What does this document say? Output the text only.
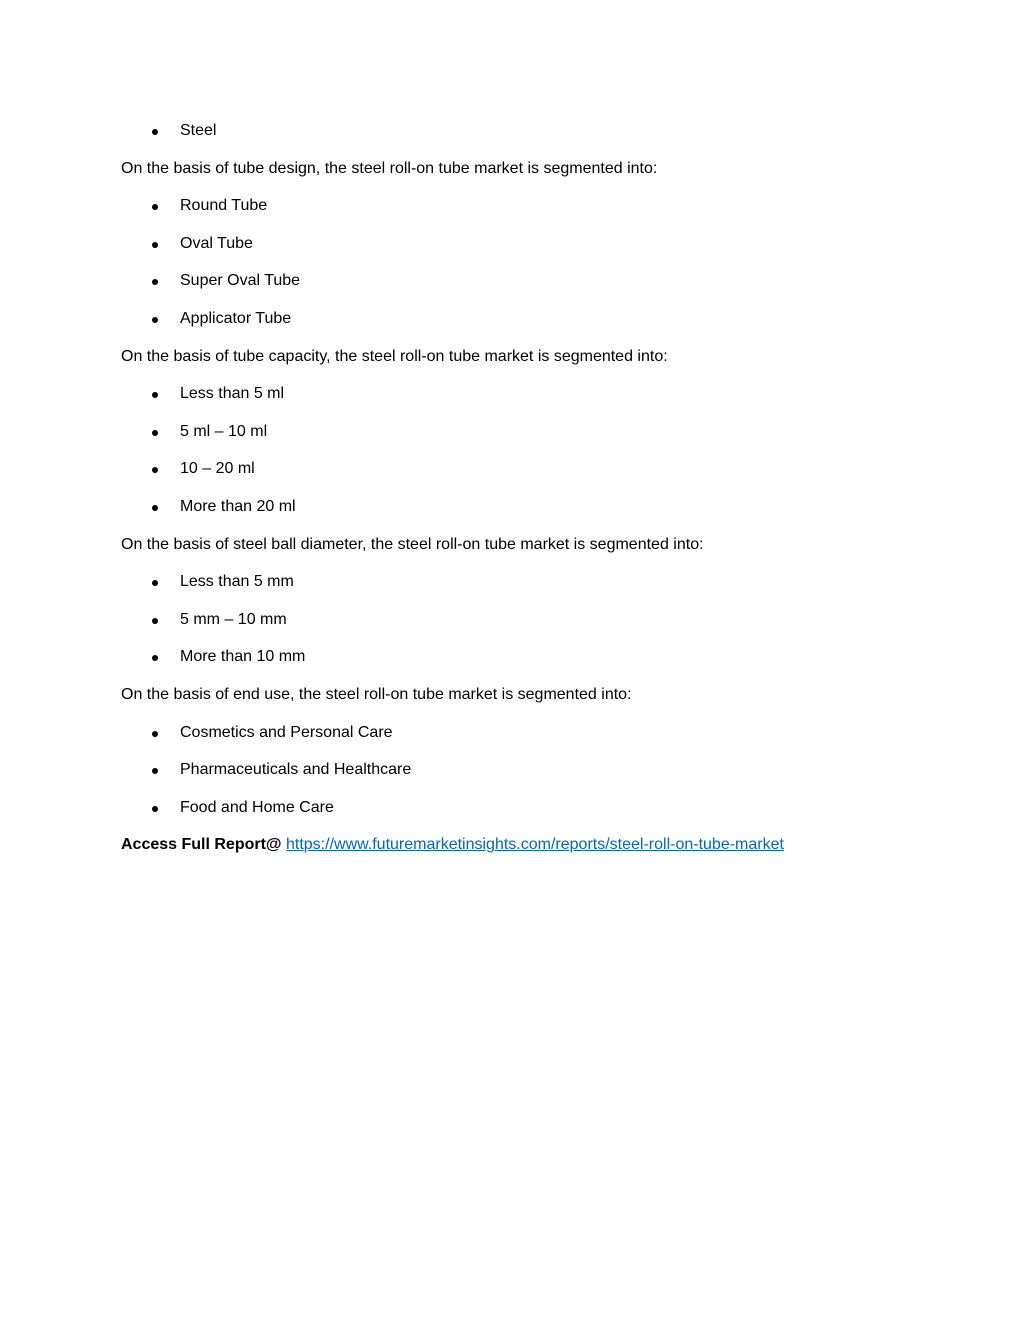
Steel
On the basis of tube design, the steel roll-on tube market is segmented into:
Round Tube
Oval Tube
Super Oval Tube
Applicator Tube
On the basis of tube capacity, the steel roll-on tube market is segmented into:
Less than 5 ml
5 ml – 10 ml
10 – 20 ml
More than 20 ml
On the basis of steel ball diameter, the steel roll-on tube market is segmented into:
Less than 5 mm
5 mm – 10 mm
More than 10 mm
On the basis of end use, the steel roll-on tube market is segmented into:
Cosmetics and Personal Care
Pharmaceuticals and Healthcare
Food and Home Care
Access Full Report@ https://www.futuremarketinsights.com/reports/steel-roll-on-tube-market
